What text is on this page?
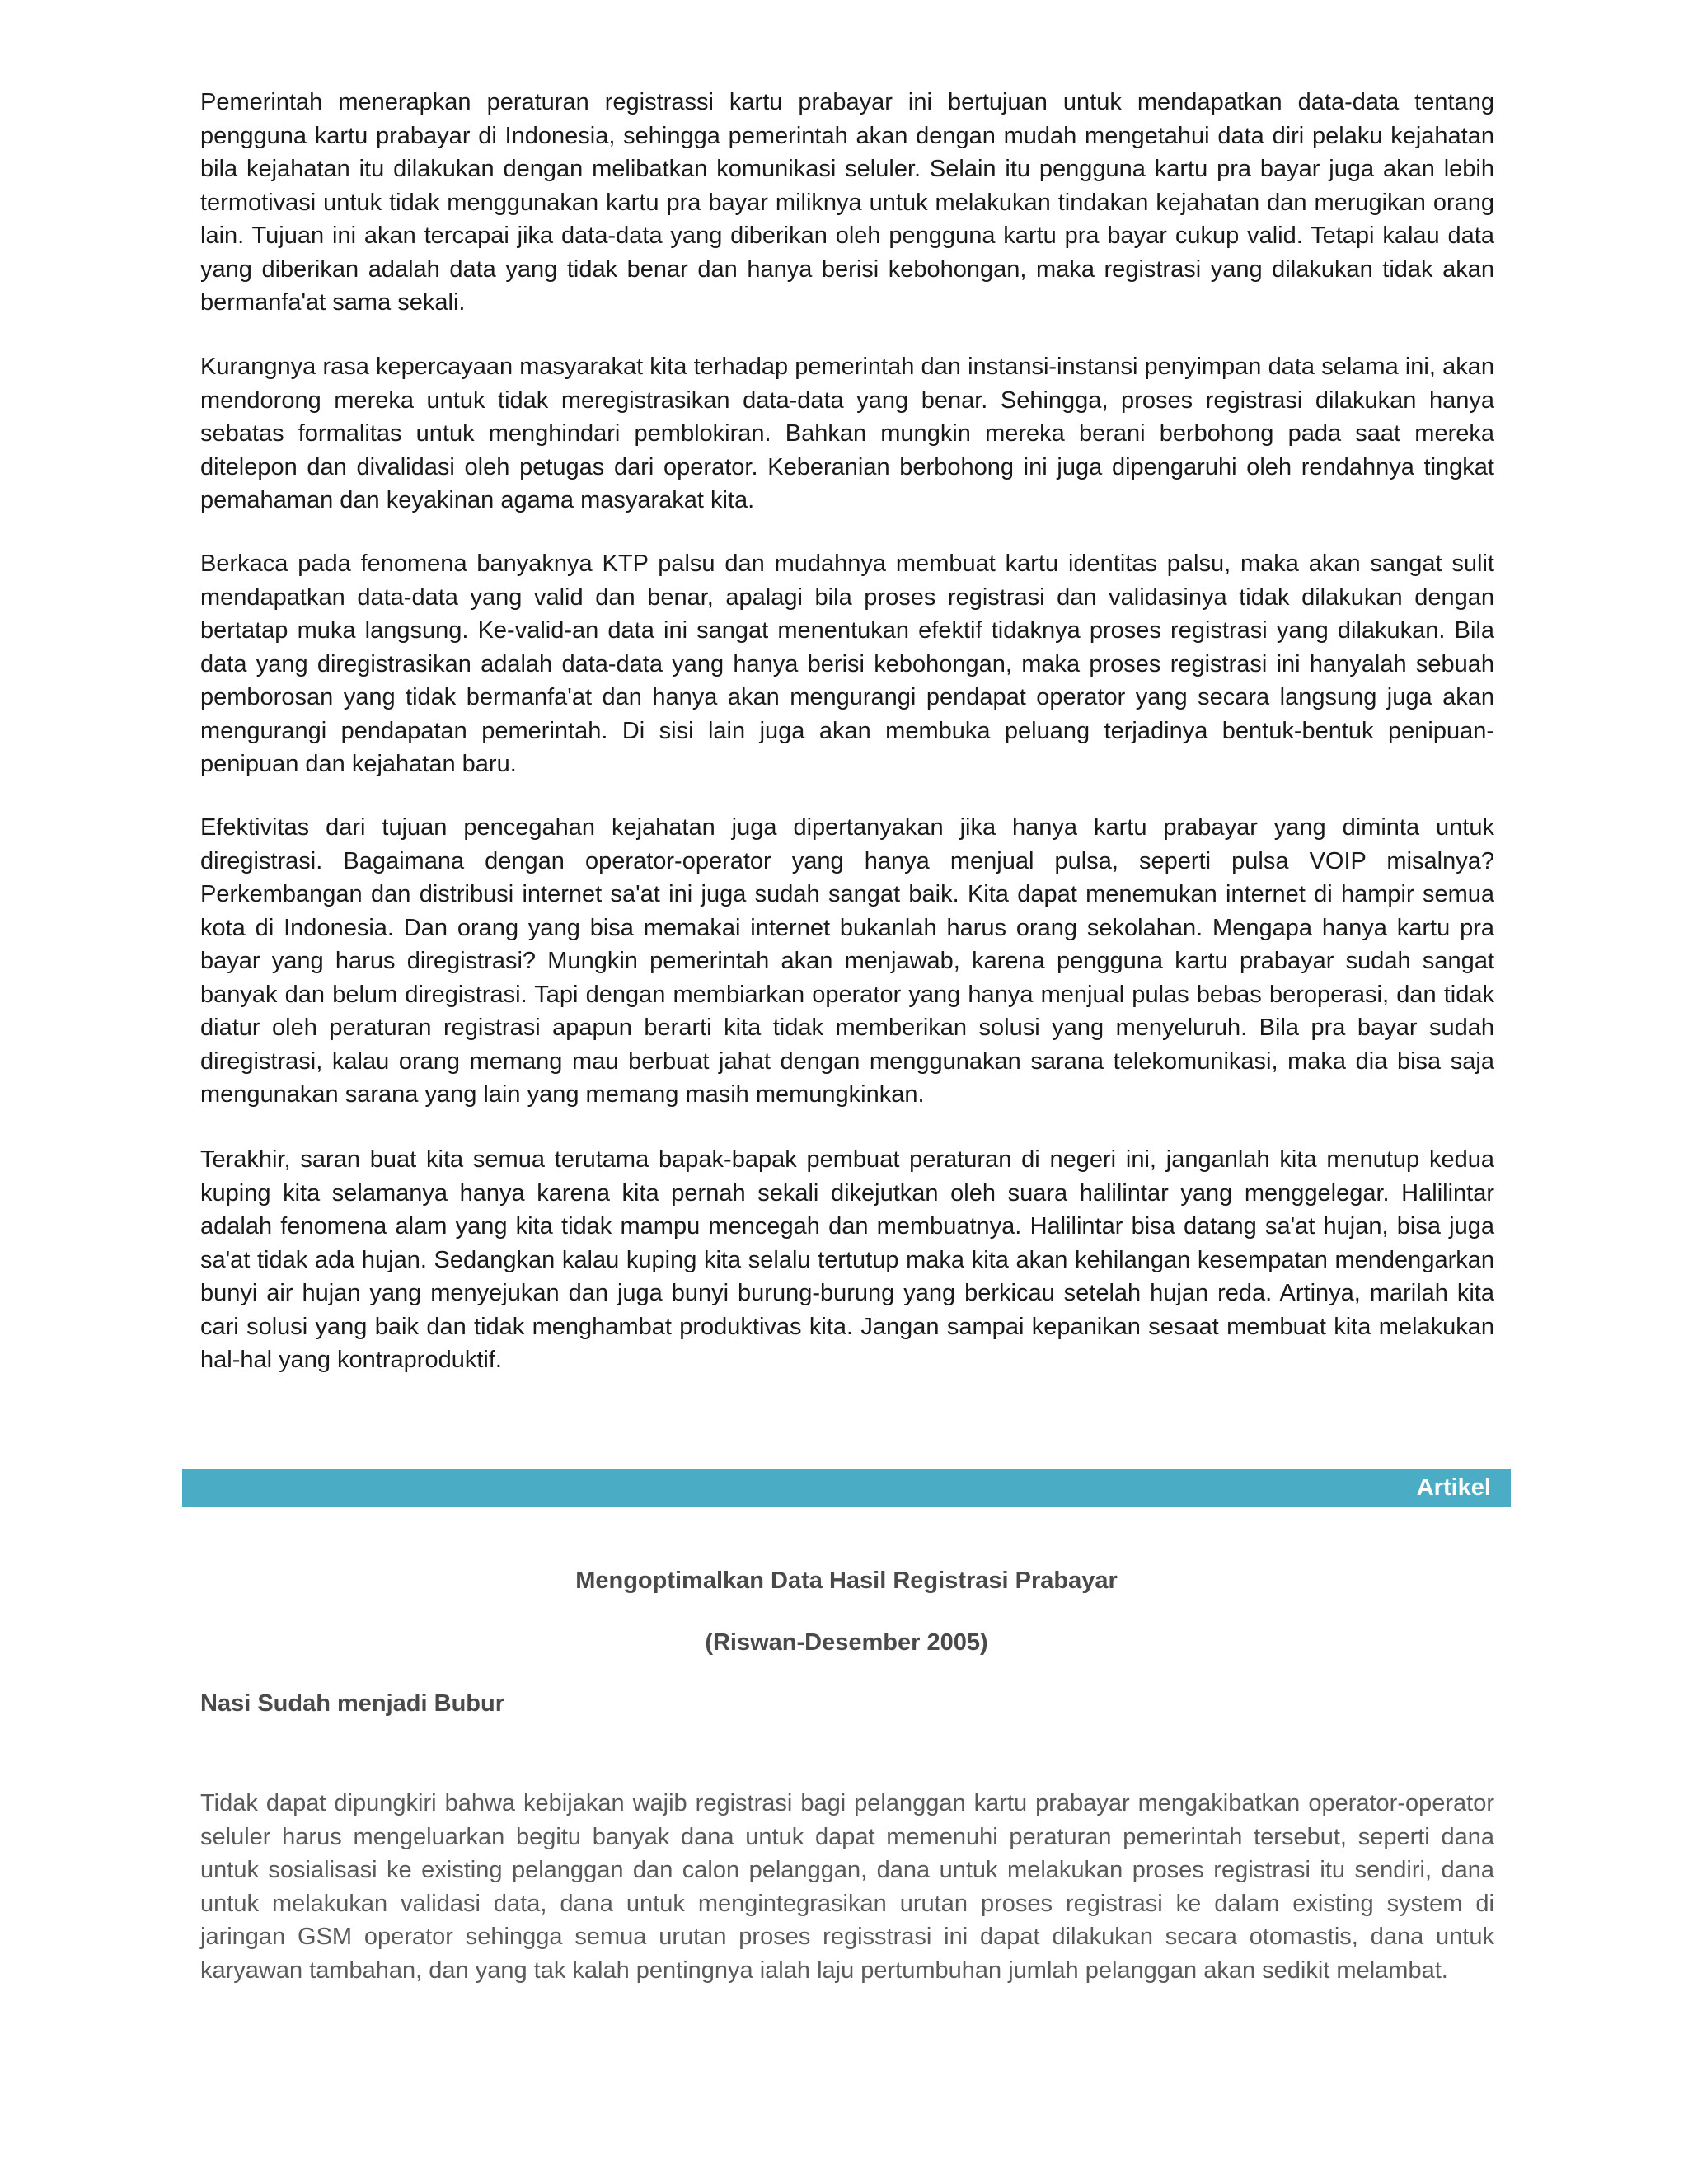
Pemerintah menerapkan peraturan registrassi kartu prabayar ini bertujuan untuk mendapatkan data-data tentang pengguna kartu prabayar di Indonesia, sehingga pemerintah akan dengan mudah mengetahui data diri pelaku kejahatan bila kejahatan itu dilakukan dengan melibatkan komunikasi seluler. Selain itu pengguna kartu pra bayar juga akan lebih termotivasi untuk tidak menggunakan kartu pra bayar miliknya untuk melakukan tindakan kejahatan dan merugikan orang lain. Tujuan ini akan tercapai jika data-data yang diberikan oleh pengguna kartu pra bayar cukup valid. Tetapi kalau data yang diberikan adalah data yang tidak benar dan hanya berisi kebohongan, maka registrasi yang dilakukan tidak akan bermanfa'at sama sekali.

Kurangnya rasa kepercayaan masyarakat kita terhadap pemerintah dan instansi-instansi penyimpan data selama ini, akan mendorong mereka untuk tidak meregistrasikan data-data yang benar. Sehingga, proses registrasi dilakukan hanya sebatas formalitas untuk menghindari pemblokiran. Bahkan mungkin mereka berani berbohong pada saat mereka ditelepon dan divalidasi oleh petugas dari operator. Keberanian berbohong ini juga dipengaruhi oleh rendahnya tingkat pemahaman dan keyakinan agama masyarakat kita.

Berkaca pada fenomena banyaknya KTP palsu dan mudahnya membuat kartu identitas palsu, maka akan sangat sulit mendapatkan data-data yang valid dan benar, apalagi bila proses registrasi dan validasinya tidak dilakukan dengan bertatap muka langsung. Ke-valid-an data ini sangat menentukan efektif tidaknya proses registrasi yang dilakukan. Bila data yang diregistrasikan adalah data-data yang hanya berisi kebohongan, maka proses registrasi ini hanyalah sebuah pemborosan yang tidak bermanfa'at dan hanya akan mengurangi pendapat operator yang secara langsung juga akan mengurangi pendapatan pemerintah. Di sisi lain juga akan membuka peluang terjadinya bentuk-bentuk penipuan-penipuan dan kejahatan baru.

Efektivitas dari tujuan pencegahan kejahatan juga dipertanyakan jika hanya kartu prabayar yang diminta untuk diregistrasi. Bagaimana dengan operator-operator yang hanya menjual pulsa, seperti pulsa VOIP misalnya? Perkembangan dan distribusi internet sa'at ini juga sudah sangat baik. Kita dapat menemukan internet di hampir semua kota di Indonesia. Dan orang yang bisa memakai internet bukanlah harus orang sekolahan. Mengapa hanya kartu pra bayar yang harus diregistrasi? Mungkin pemerintah akan menjawab, karena pengguna kartu prabayar sudah sangat banyak dan belum diregistrasi. Tapi dengan membiarkan operator yang hanya menjual pulas bebas beroperasi, dan tidak diatur oleh peraturan registrasi apapun berarti kita tidak memberikan solusi yang menyeluruh. Bila pra bayar sudah diregistrasi, kalau orang memang mau berbuat jahat dengan menggunakan sarana telekomunikasi, maka dia bisa saja mengunakan sarana yang lain yang memang masih memungkinkan.

Terakhir, saran buat kita semua terutama bapak-bapak pembuat peraturan di negeri ini, janganlah kita menutup kedua kuping kita selamanya hanya karena kita pernah sekali dikejutkan oleh suara halilintar yang menggelegar. Halilintar adalah fenomena alam yang kita tidak mampu mencegah dan membuatnya. Halilintar bisa datang sa'at hujan, bisa juga sa'at tidak ada hujan. Sedangkan kalau kuping kita selalu tertutup maka kita akan kehilangan kesempatan mendengarkan bunyi air hujan yang menyejukan dan juga bunyi burung-burung yang berkicau setelah hujan reda. Artinya, marilah kita cari solusi yang baik dan tidak menghambat produktivas kita. Jangan sampai kepanikan sesaat membuat kita melakukan hal-hal yang kontraproduktif.

Artikel
Mengoptimalkan Data Hasil Registrasi Prabayar

(Riswan-Desember 2005)

Nasi Sudah menjadi Bubur

Tidak dapat dipungkiri bahwa kebijakan wajib registrasi bagi pelanggan kartu prabayar mengakibatkan operator-operator seluler harus mengeluarkan begitu banyak dana untuk dapat memenuhi peraturan pemerintah tersebut, seperti dana untuk sosialisasi ke existing pelanggan dan calon pelanggan, dana untuk melakukan proses registrasi itu sendiri, dana untuk melakukan validasi data, dana untuk mengintegrasikan urutan proses registrasi ke dalam existing system di jaringan GSM operator sehingga semua urutan proses regisstrasi ini dapat dilakukan secara otomastis, dana untuk karyawan tambahan, dan yang tak kalah pentingnya ialah laju pertumbuhan jumlah pelanggan akan sedikit melambat.
